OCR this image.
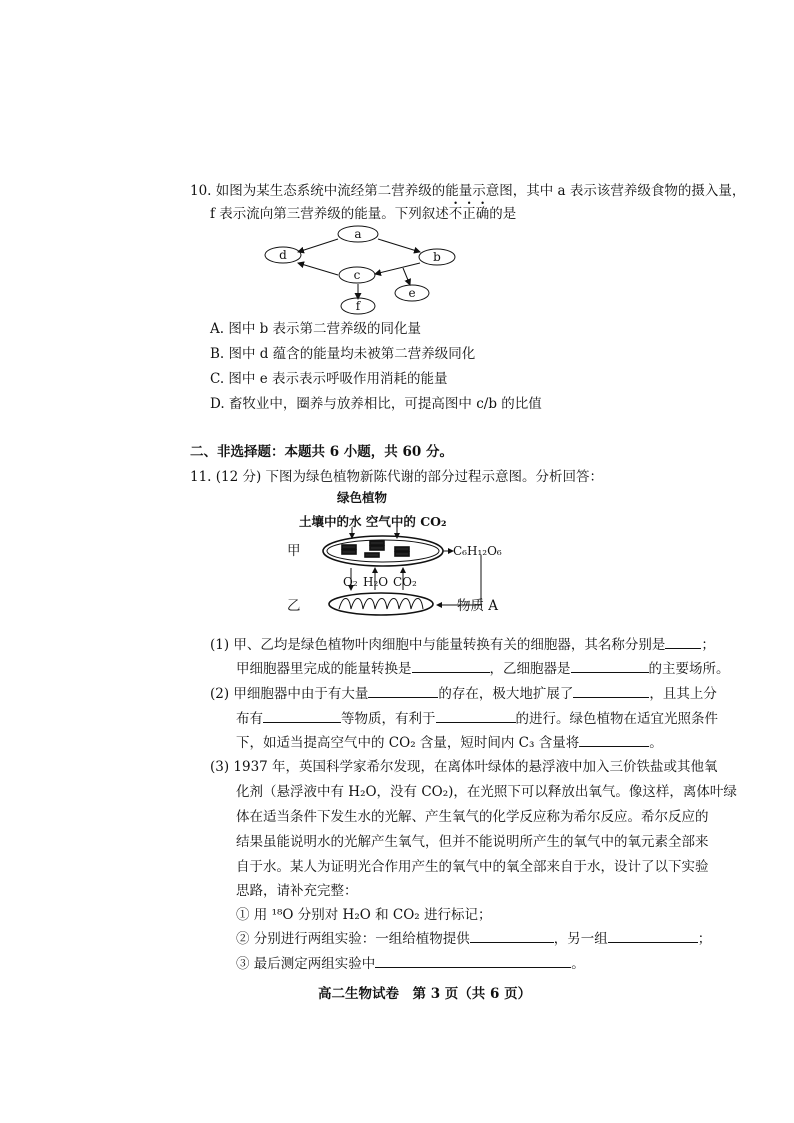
10. 如图为某生态系统中流经第二营养级的能量示意图，其中 a 表示该营养级食物的摄入量，
f 表示流向第三营养级的能量。下列叙述不正确的是
a
d	b
c
e
f
A. 图中 b 表示第二营养级的同化量
B. 图中 d 蕴含的能量均未被第二营养级同化
C. 图中 e 表示表示呼吸作用消耗的能量
D. 畜牧业中，圈养与放养相比，可提高图中 c/b 的比值
二、非选择题：本题共 6 小题，共 60 分。
11. (12 分) 下图为绿色植物新陈代谢的部分过程示意图。分析回答：
绿色植物
土壤中的水 空气中的 CO₂
甲
乙
C₆H₁₂O₆
O₂ H₂O CO₂
物质 A
(1) 甲、乙均是绿色植物叶肉细胞中与能量转换有关的细胞器，其名称分别是	；
甲细胞器里完成的能量转换是	，乙细胞器是	的主要场所。
(2) 甲细胞器中由于有大量	的存在，极大地扩展了	，且其上分
布有	等物质，有利于	的进行。绿色植物在适宜光照条件
下，如适当提高空气中的 CO₂ 含量，短时间内 C₃ 含量将	。
(3) 1937 年，英国科学家希尔发现，在离体叶绿体的悬浮液中加入三价铁盐或其他氧
化剂（悬浮液中有 H₂O，没有 CO₂)，在光照下可以释放出氧气。像这样，离体叶绿
体在适当条件下发生水的光解、产生氧气的化学反应称为希尔反应。希尔反应的
结果虽能说明水的光解产生氧气，但并不能说明所产生的氧气中的氧元素全部来
自于水。某人为证明光合作用产生的氧气中的氧全部来自于水，设计了以下实验
思路，请补充完整：
① 用 ¹⁸O 分别对 H₂O 和 CO₂ 进行标记；
② 分别进行两组实验：一组给植物提供	，另一组	；
③ 最后测定两组实验中	。
高二生物试卷　第 3 页（共 6 页）
